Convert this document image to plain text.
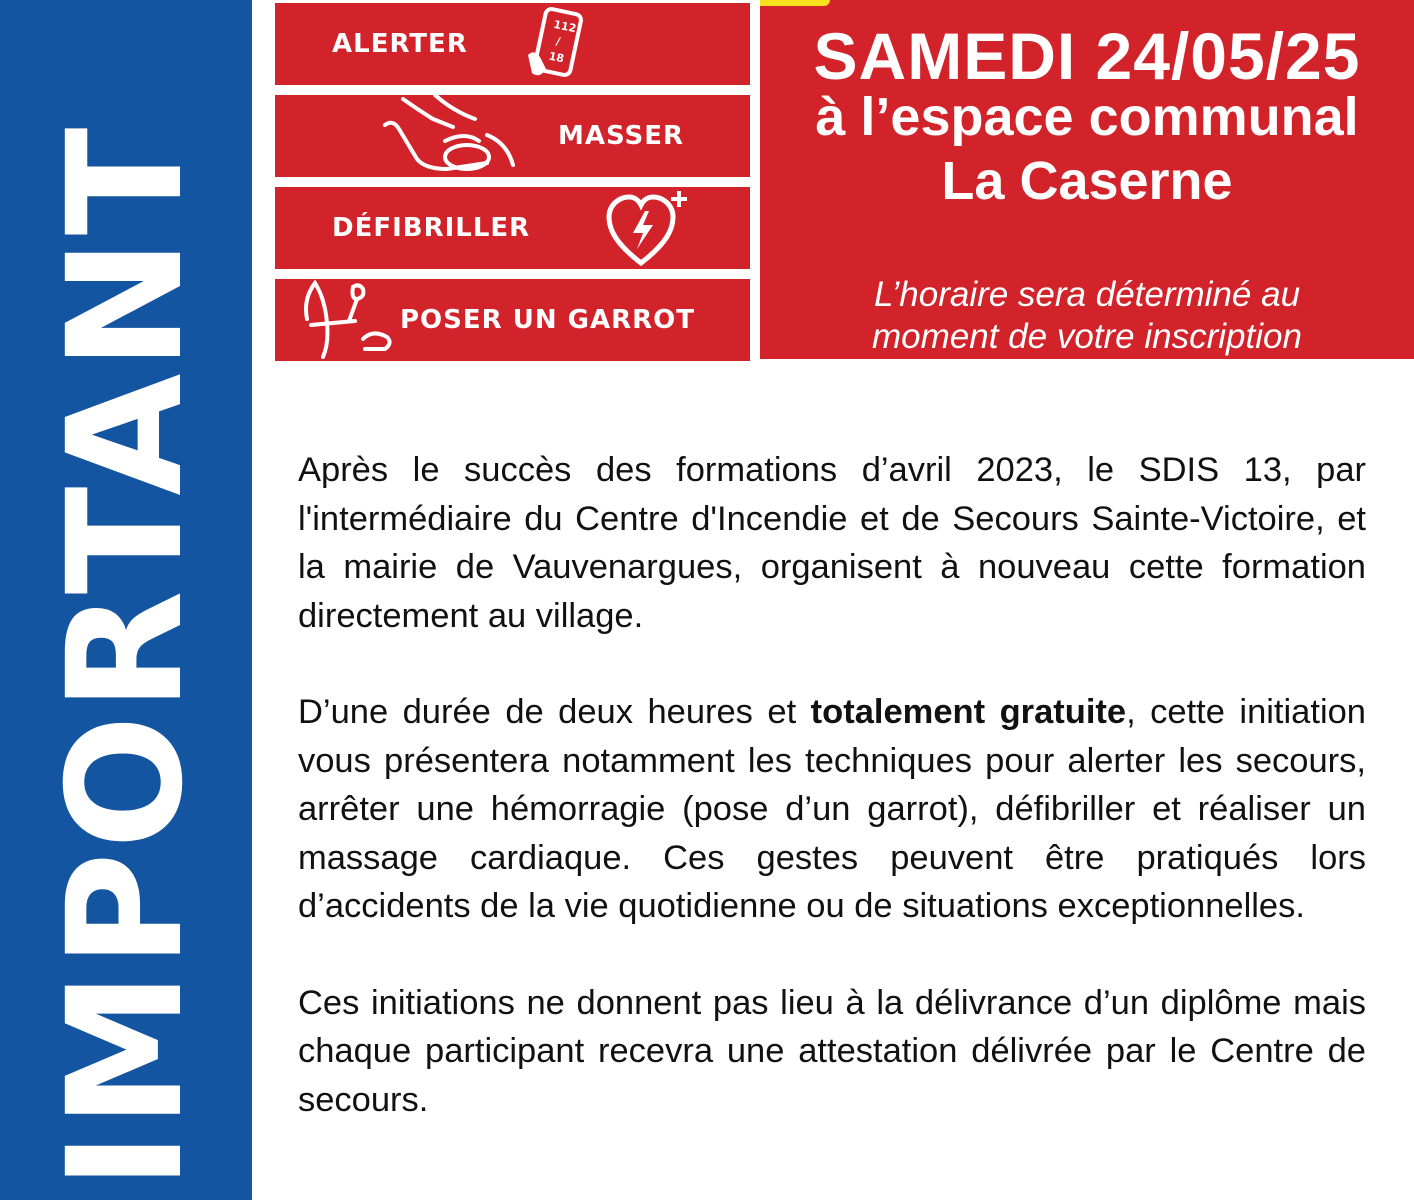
IMPORTANT
ALERTER
112
/
18
MASSER
DÉFIBRILLER
POSER UN GARROT
SAMEDI 24/05/25
à l’espace communal
La Caserne
L’horaire sera déterminé au
moment de votre inscription

Après le succès des formations d’avril 2023, le SDIS 13, par l'intermédiaire du Centre d'Incendie et de Secours Sainte-Victoire, et la mairie de Vauvenargues, organisent à nouveau cette formation directement au village.

D’une durée de deux heures et totalement gratuite, cette initiation vous présentera notamment les techniques pour alerter les secours, arrêter une hémorragie (pose d’un garrot), défibriller et réaliser un massage cardiaque. Ces gestes peuvent être pratiqués lors d’accidents de la vie quotidienne ou de situations exceptionnelles.

Ces initiations ne donnent pas lieu à la délivrance d’un diplôme mais chaque participant recevra une attestation délivrée par le Centre de secours.
